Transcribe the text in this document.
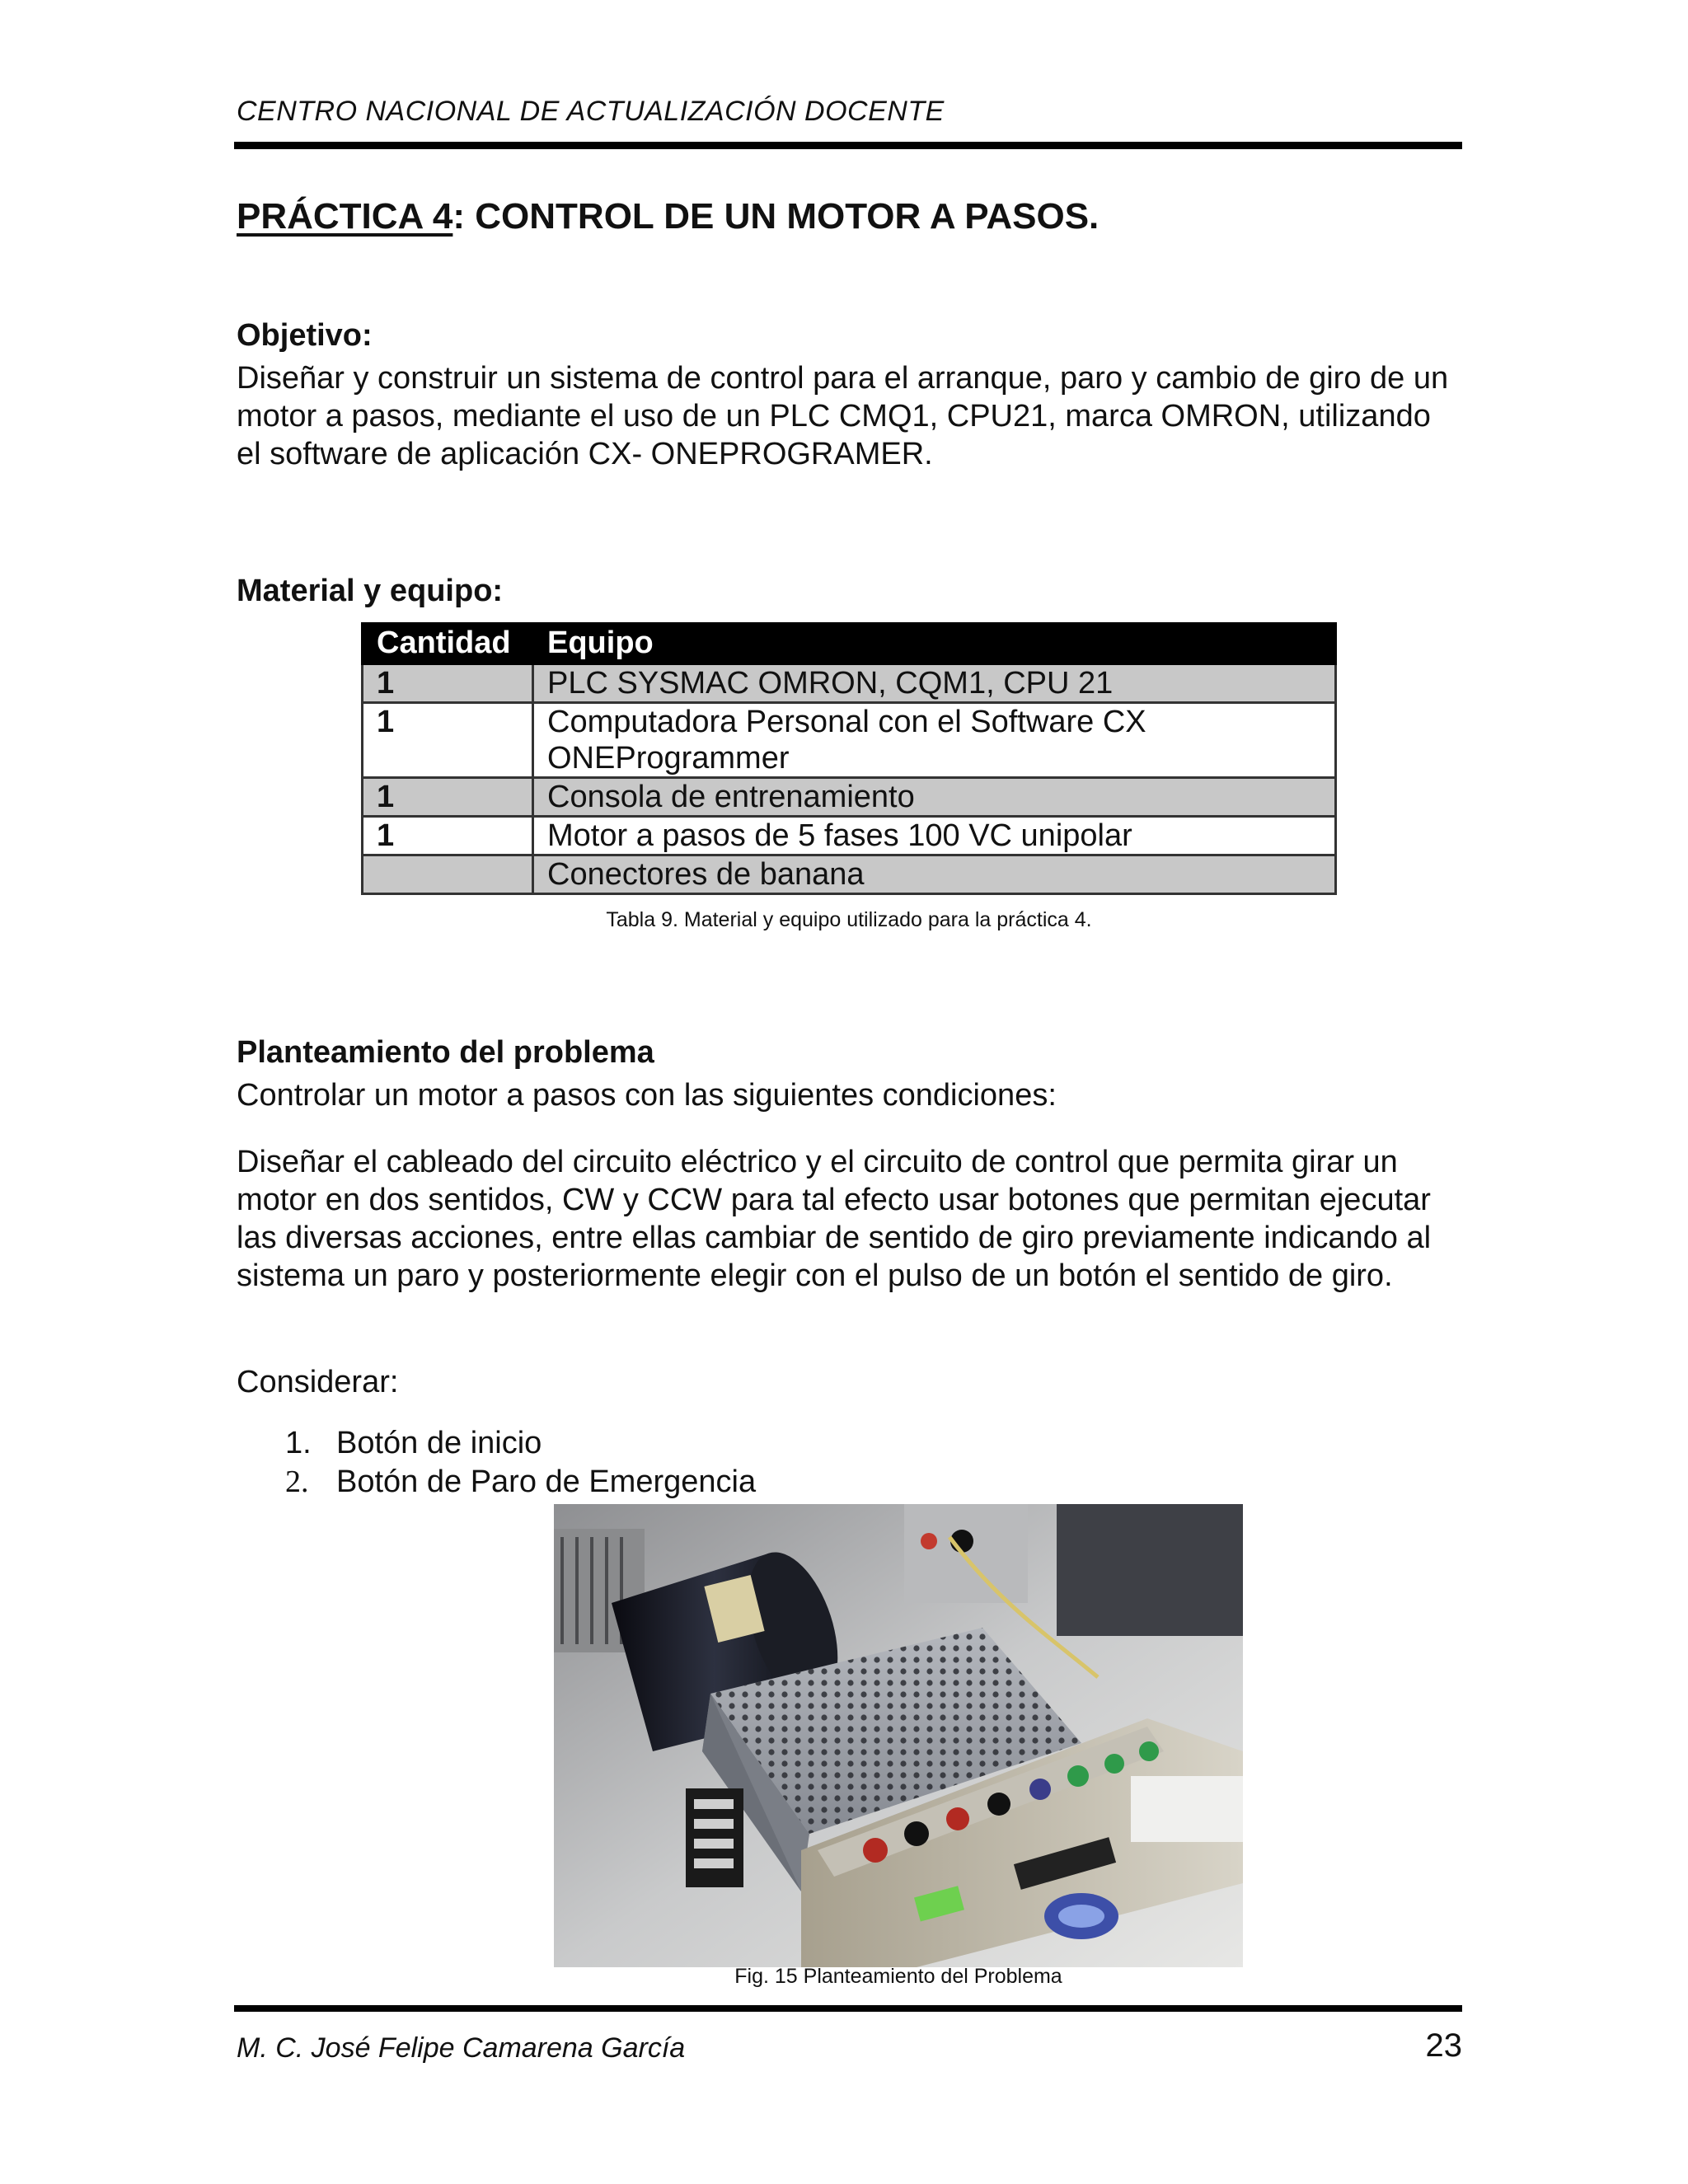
CENTRO NACIONAL DE ACTUALIZACIÓN DOCENTE
PRÁCTICA 4: CONTROL DE UN MOTOR A PASOS.
Objetivo:
Diseñar y construir un sistema de control para el arranque, paro y cambio de giro de un motor a pasos, mediante el uso de un PLC CMQ1, CPU21, marca OMRON, utilizando el software de aplicación CX- ONEPROGRAMER.
Material y equipo:
Cantidad	Equipo
1	PLC SYSMAC OMRON, CQM1, CPU 21
1	Computadora Personal con el Software CX ONEProgrammer
1	Consola de entrenamiento
1	Motor a pasos de 5 fases 100 VC unipolar
	Conectores de banana
Tabla 9. Material y equipo utilizado para la práctica 4.
Planteamiento del problema
Controlar un motor a pasos con las siguientes condiciones:
Diseñar el cableado del circuito eléctrico y el circuito de control que permita girar un motor en dos sentidos, CW y CCW para tal efecto usar botones que permitan ejecutar las diversas acciones, entre ellas cambiar de sentido de giro previamente indicando al sistema un paro y posteriormente elegir con el pulso de un botón el sentido de giro.
Considerar:
1. Botón de inicio
2. Botón de Paro de Emergencia
Fig. 15 Planteamiento del Problema
M. C. José Felipe Camarena García	23
